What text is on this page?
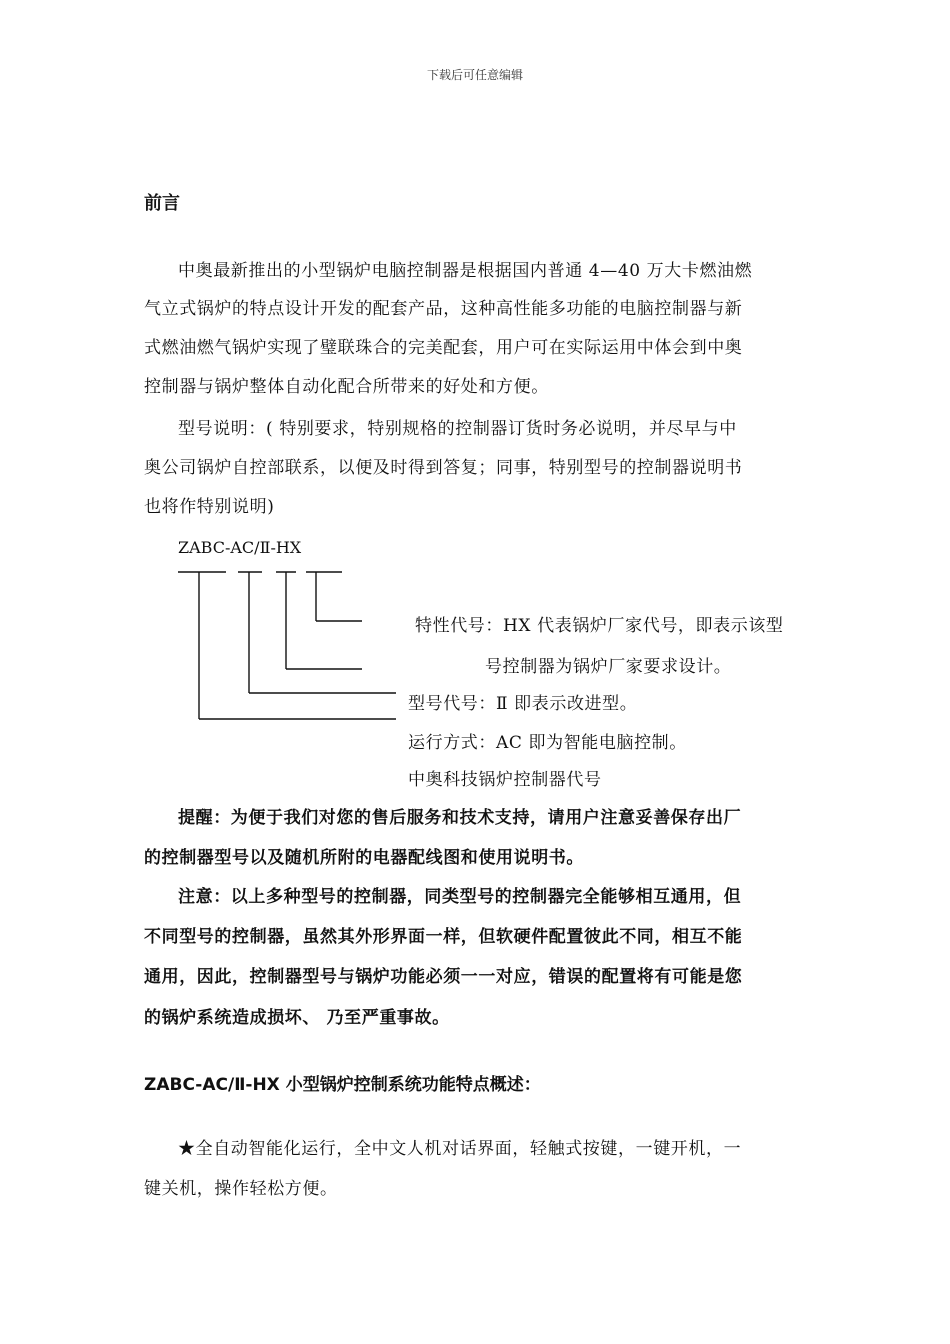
下载后可任意编辑
前言
中奥最新推出的小型锅炉电脑控制器是根据国内普通 4—40 万大卡燃油燃
气立式锅炉的特点设计开发的配套产品，这种高性能多功能的电脑控制器与新
式燃油燃气锅炉实现了璧联珠合的完美配套，用户可在实际运用中体会到中奥
控制器与锅炉整体自动化配合所带来的好处和方便。
型号说明：( 特别要求，特别规格的控制器订货时务必说明，并尽早与中
奥公司锅炉自控部联系，以便及时得到答复；同事，特别型号的控制器说明书
也将作特别说明)
ZABC-AC/Ⅱ-HX
特性代号：HX 代表锅炉厂家代号，即表示该型
号控制器为锅炉厂家要求设计。
型号代号：Ⅱ 即表示改进型。
运行方式：AC 即为智能电脑控制。
中奥科技锅炉控制器代号
提醒：为便于我们对您的售后服务和技术支持，请用户注意妥善保存出厂
的控制器型号以及随机所附的电器配线图和使用说明书。
注意：以上多种型号的控制器，同类型号的控制器完全能够相互通用，但
不同型号的控制器，虽然其外形界面一样，但软硬件配置彼此不同，相互不能
通用，因此，控制器型号与锅炉功能必须一一对应，错误的配置将有可能是您
的锅炉系统造成损坏、 乃至严重事故。
ZABC-AC/Ⅱ-HX 小型锅炉控制系统功能特点概述：
★全自动智能化运行，全中文人机对话界面，轻触式按键，一键开机，一
键关机，操作轻松方便。
